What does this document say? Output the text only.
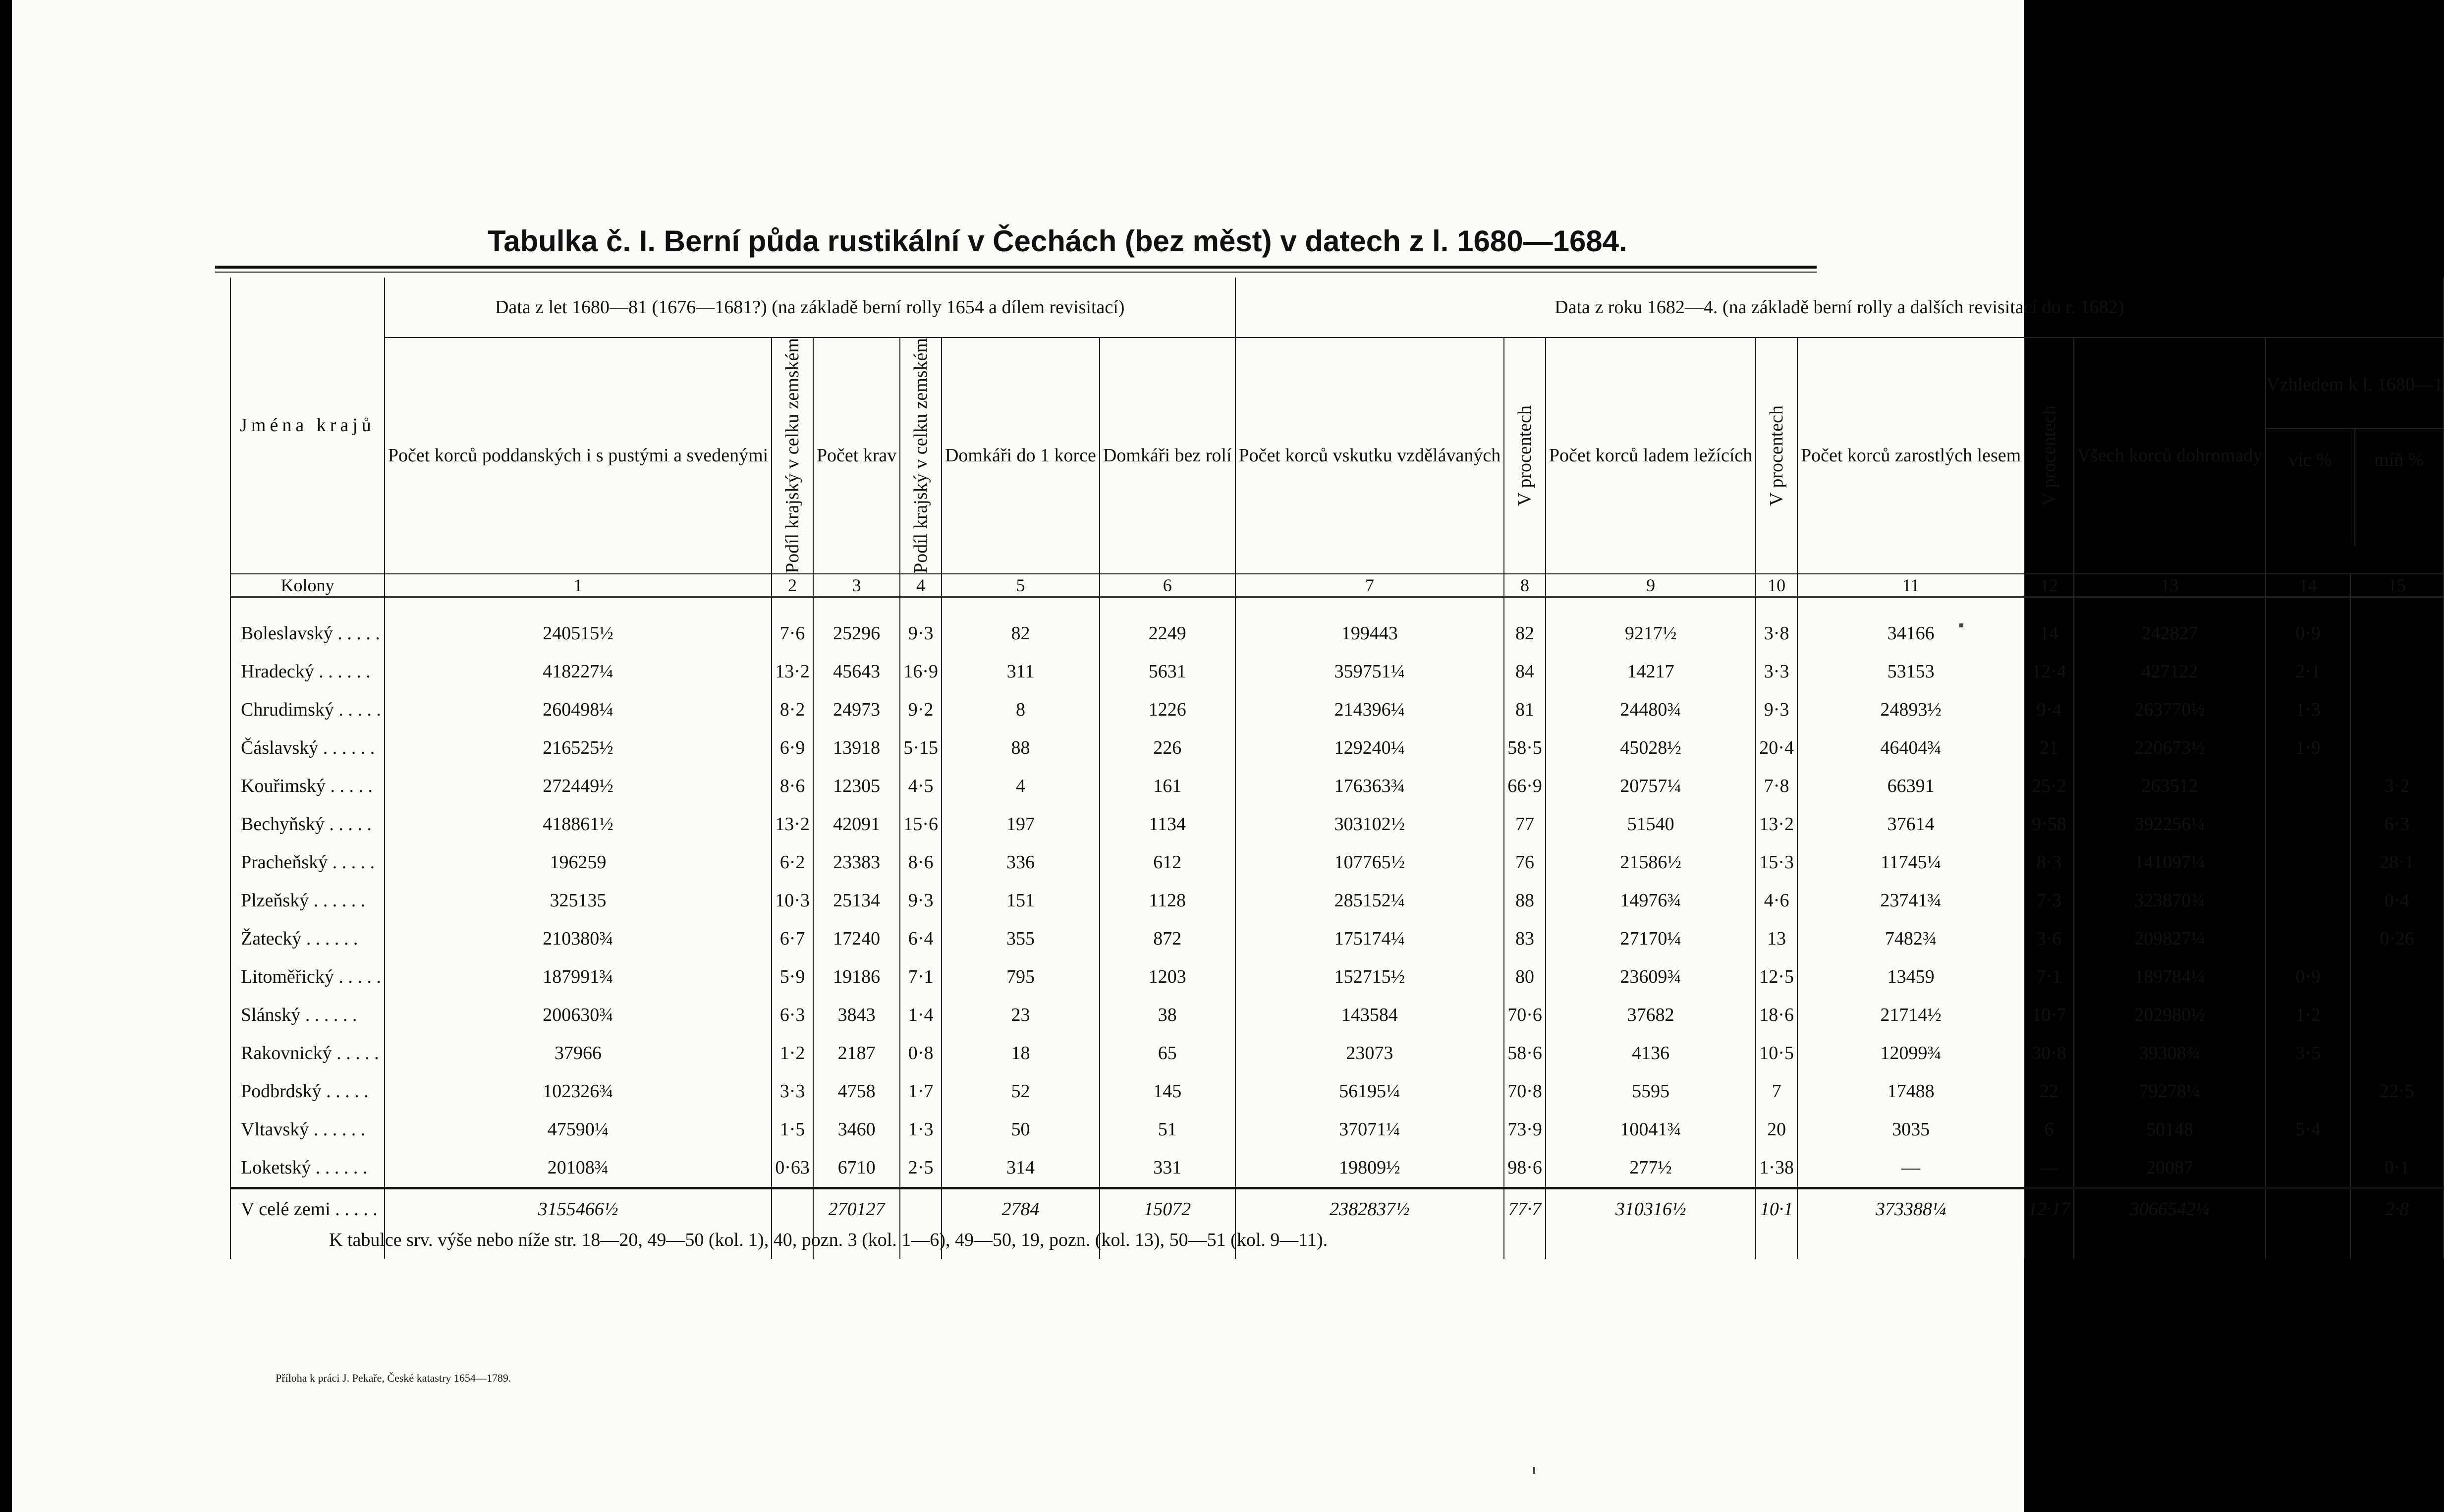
Tabulka č. I. Berní půda rustikální v Čechách (bez měst) v datech z l. 1680—1684.
Jména krajů	Data z let 1680—81 (1676—1681?) (na základě berní rolly 1654 a dílem revisitací)						Data z roku 1682—4. (na základě berní rolly a dalších revisitací do r. 1682)								
	Počet korců poddanských i s pustými a svedenými	Podíl krajský v celku zemském	Počet krav	Podíl krajský v celku zemském	Domkáři do 1 korce	Domkáři bez rolí	Počet korců vskutku vzdělávaných	V procentech	Počet korců ladem ležících	V procentech	Počet korců zarostlých lesem	V procentech	Všech korců dohromady	Vzhledem k l. 1680—1
víc % míň %	

Kolony	1	2	3	4	5	6	7	8	9	10	11	12	13	14	15

Boleslavský . . . . .	240515½	7·6	25296	9·3	82	2249	199443	82	9217½	3·8	34166	14	242827	0·9	
Hradecký . . . . . .	418227¼	13·2	45643	16·9	311	5631	359751¼	84	14217	3·3	53153	12·4	427122	2·1	
Chrudimský . . . . .	260498¼	8·2	24973	9·2	8	1226	214396¼	81	24480¾	9·3	24893½	9·4	263770½	1·3	
Čáslavský . . . . . .	216525½	6·9	13918	5·15	88	226	129240¼	58·5	45028½	20·4	46404¾	21	220673½	1·9	
Kouřimský . . . . .	272449½	8·6	12305	4·5	4	161	176363¾	66·9	20757¼	7·8	66391	25·2	263512		3·2
Bechyňský . . . . .	418861½	13·2	42091	15·6	197	1134	303102½	77	51540	13·2	37614	9·58	392256¼		6·3
Pracheňský . . . . .	196259	6·2	23383	8·6	336	612	107765½	76	21586½	15·3	11745¼	8·3	141097¼		28·1
Plzeňský . . . . . .	325135	10·3	25134	9·3	151	1128	285152¼	88	14976¾	4·6	23741¾	7·3	323870¾		0·4
Žatecký . . . . . .	210380¾	6·7	17240	6·4	355	872	175174¼	83	27170¼	13	7482¾	3·6	209827¼		0·26
Litoměřický . . . . .	187991¾	5·9	19186	7·1	795	1203	152715½	80	23609¾	12·5	13459	7·1	189784¼	0·9	
Slánský . . . . . .	200630¾	6·3	3843	1·4	23	38	143584	70·6	37682	18·6	21714½	10·7	202980½	1·2	
Rakovnický . . . . .	37966	1·2	2187	0·8	18	65	23073	58·6	4136	10·5	12099¾	30·8	39308¾	3·5	
Podbrdský . . . . .	102326¾	3·3	4758	1·7	52	145	56195¼	70·8	5595	7	17488	22	79278¼		22·5
Vltavský . . . . . .	47590¼	1·5	3460	1·3	50	51	37071¼	73·9	10041¾	20	3035	6	50148	5·4	
Loketský . . . . . .	20108¾	0·63	6710	2·5	314	331	19809½	98·6	277½	1·38	—	—	20087		0·1
V celé zemi . . . . .	3155466½		270127		2784	15072	2382837½	77·7	310316½	10·1	373388¼	12·17	3066542¼		2·8

K tabulce srv. výše nebo níže str. 18—20, 49—50 (kol. 1), 40, pozn. 3 (kol. 1—6), 49—50, 19, pozn. (kol. 13), 50—51 (kol. 9—11).
Příloha k práci J. Pekaře, České katastry 1654—1789.
